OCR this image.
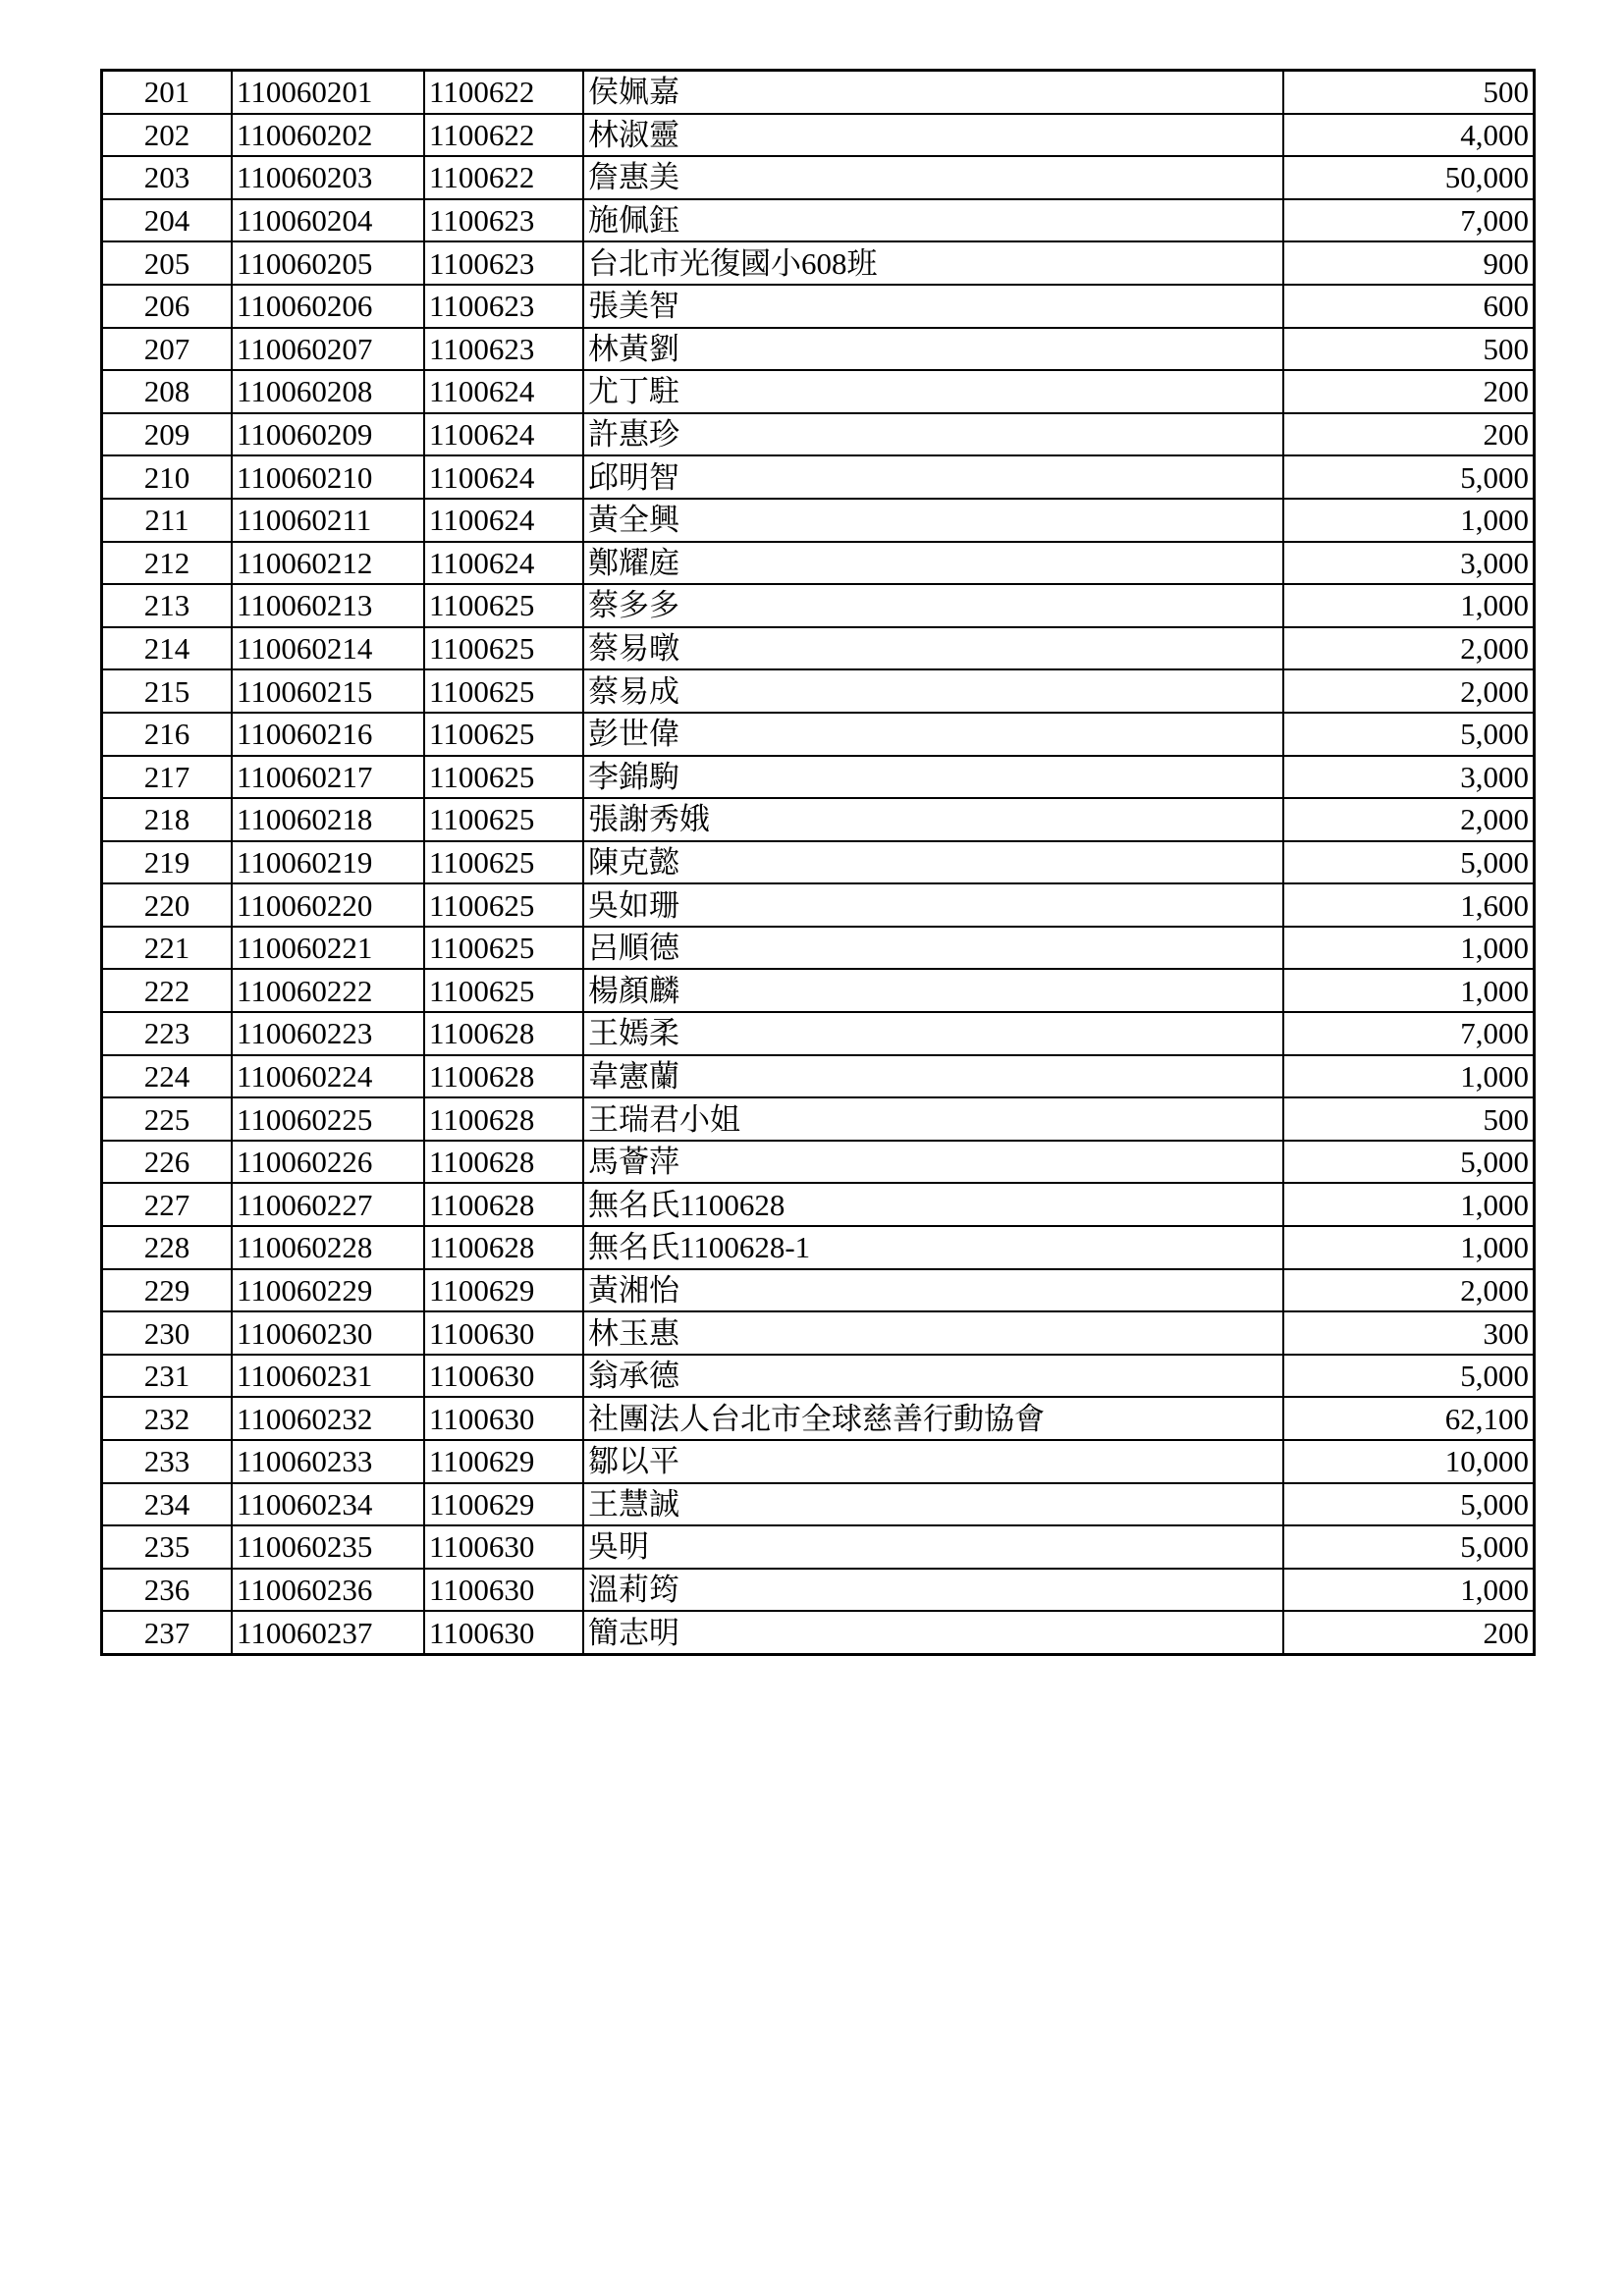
201	110060201	1100622	侯姵嘉	500
202	110060202	1100622	林淑靈	4,000
203	110060203	1100622	詹惠美	50,000
204	110060204	1100623	施佩鈺	7,000
205	110060205	1100623	台北市光復國小608班	900
206	110060206	1100623	張美智	600
207	110060207	1100623	林黃劉	500
208	110060208	1100624	尤丁駐	200
209	110060209	1100624	許惠珍	200
210	110060210	1100624	邱明智	5,000
211	110060211	1100624	黃全興	1,000
212	110060212	1100624	鄭耀庭	3,000
213	110060213	1100625	蔡多多	1,000
214	110060214	1100625	蔡易暾	2,000
215	110060215	1100625	蔡易成	2,000
216	110060216	1100625	彭世偉	5,000
217	110060217	1100625	李錦駒	3,000
218	110060218	1100625	張謝秀娥	2,000
219	110060219	1100625	陳克懿	5,000
220	110060220	1100625	吳如珊	1,600
221	110060221	1100625	呂順德	1,000
222	110060222	1100625	楊顏麟	1,000
223	110060223	1100628	王嫣柔	7,000
224	110060224	1100628	韋憲蘭	1,000
225	110060225	1100628	王瑞君小姐	500
226	110060226	1100628	馬薈萍	5,000
227	110060227	1100628	無名氏1100628	1,000
228	110060228	1100628	無名氏1100628-1	1,000
229	110060229	1100629	黃湘怡	2,000
230	110060230	1100630	林玉惠	300
231	110060231	1100630	翁承德	5,000
232	110060232	1100630	社團法人台北市全球慈善行動協會	62,100
233	110060233	1100629	鄒以平	10,000
234	110060234	1100629	王慧誠	5,000
235	110060235	1100630	吳明	5,000
236	110060236	1100630	溫莉筠	1,000
237	110060237	1100630	簡志明	200
